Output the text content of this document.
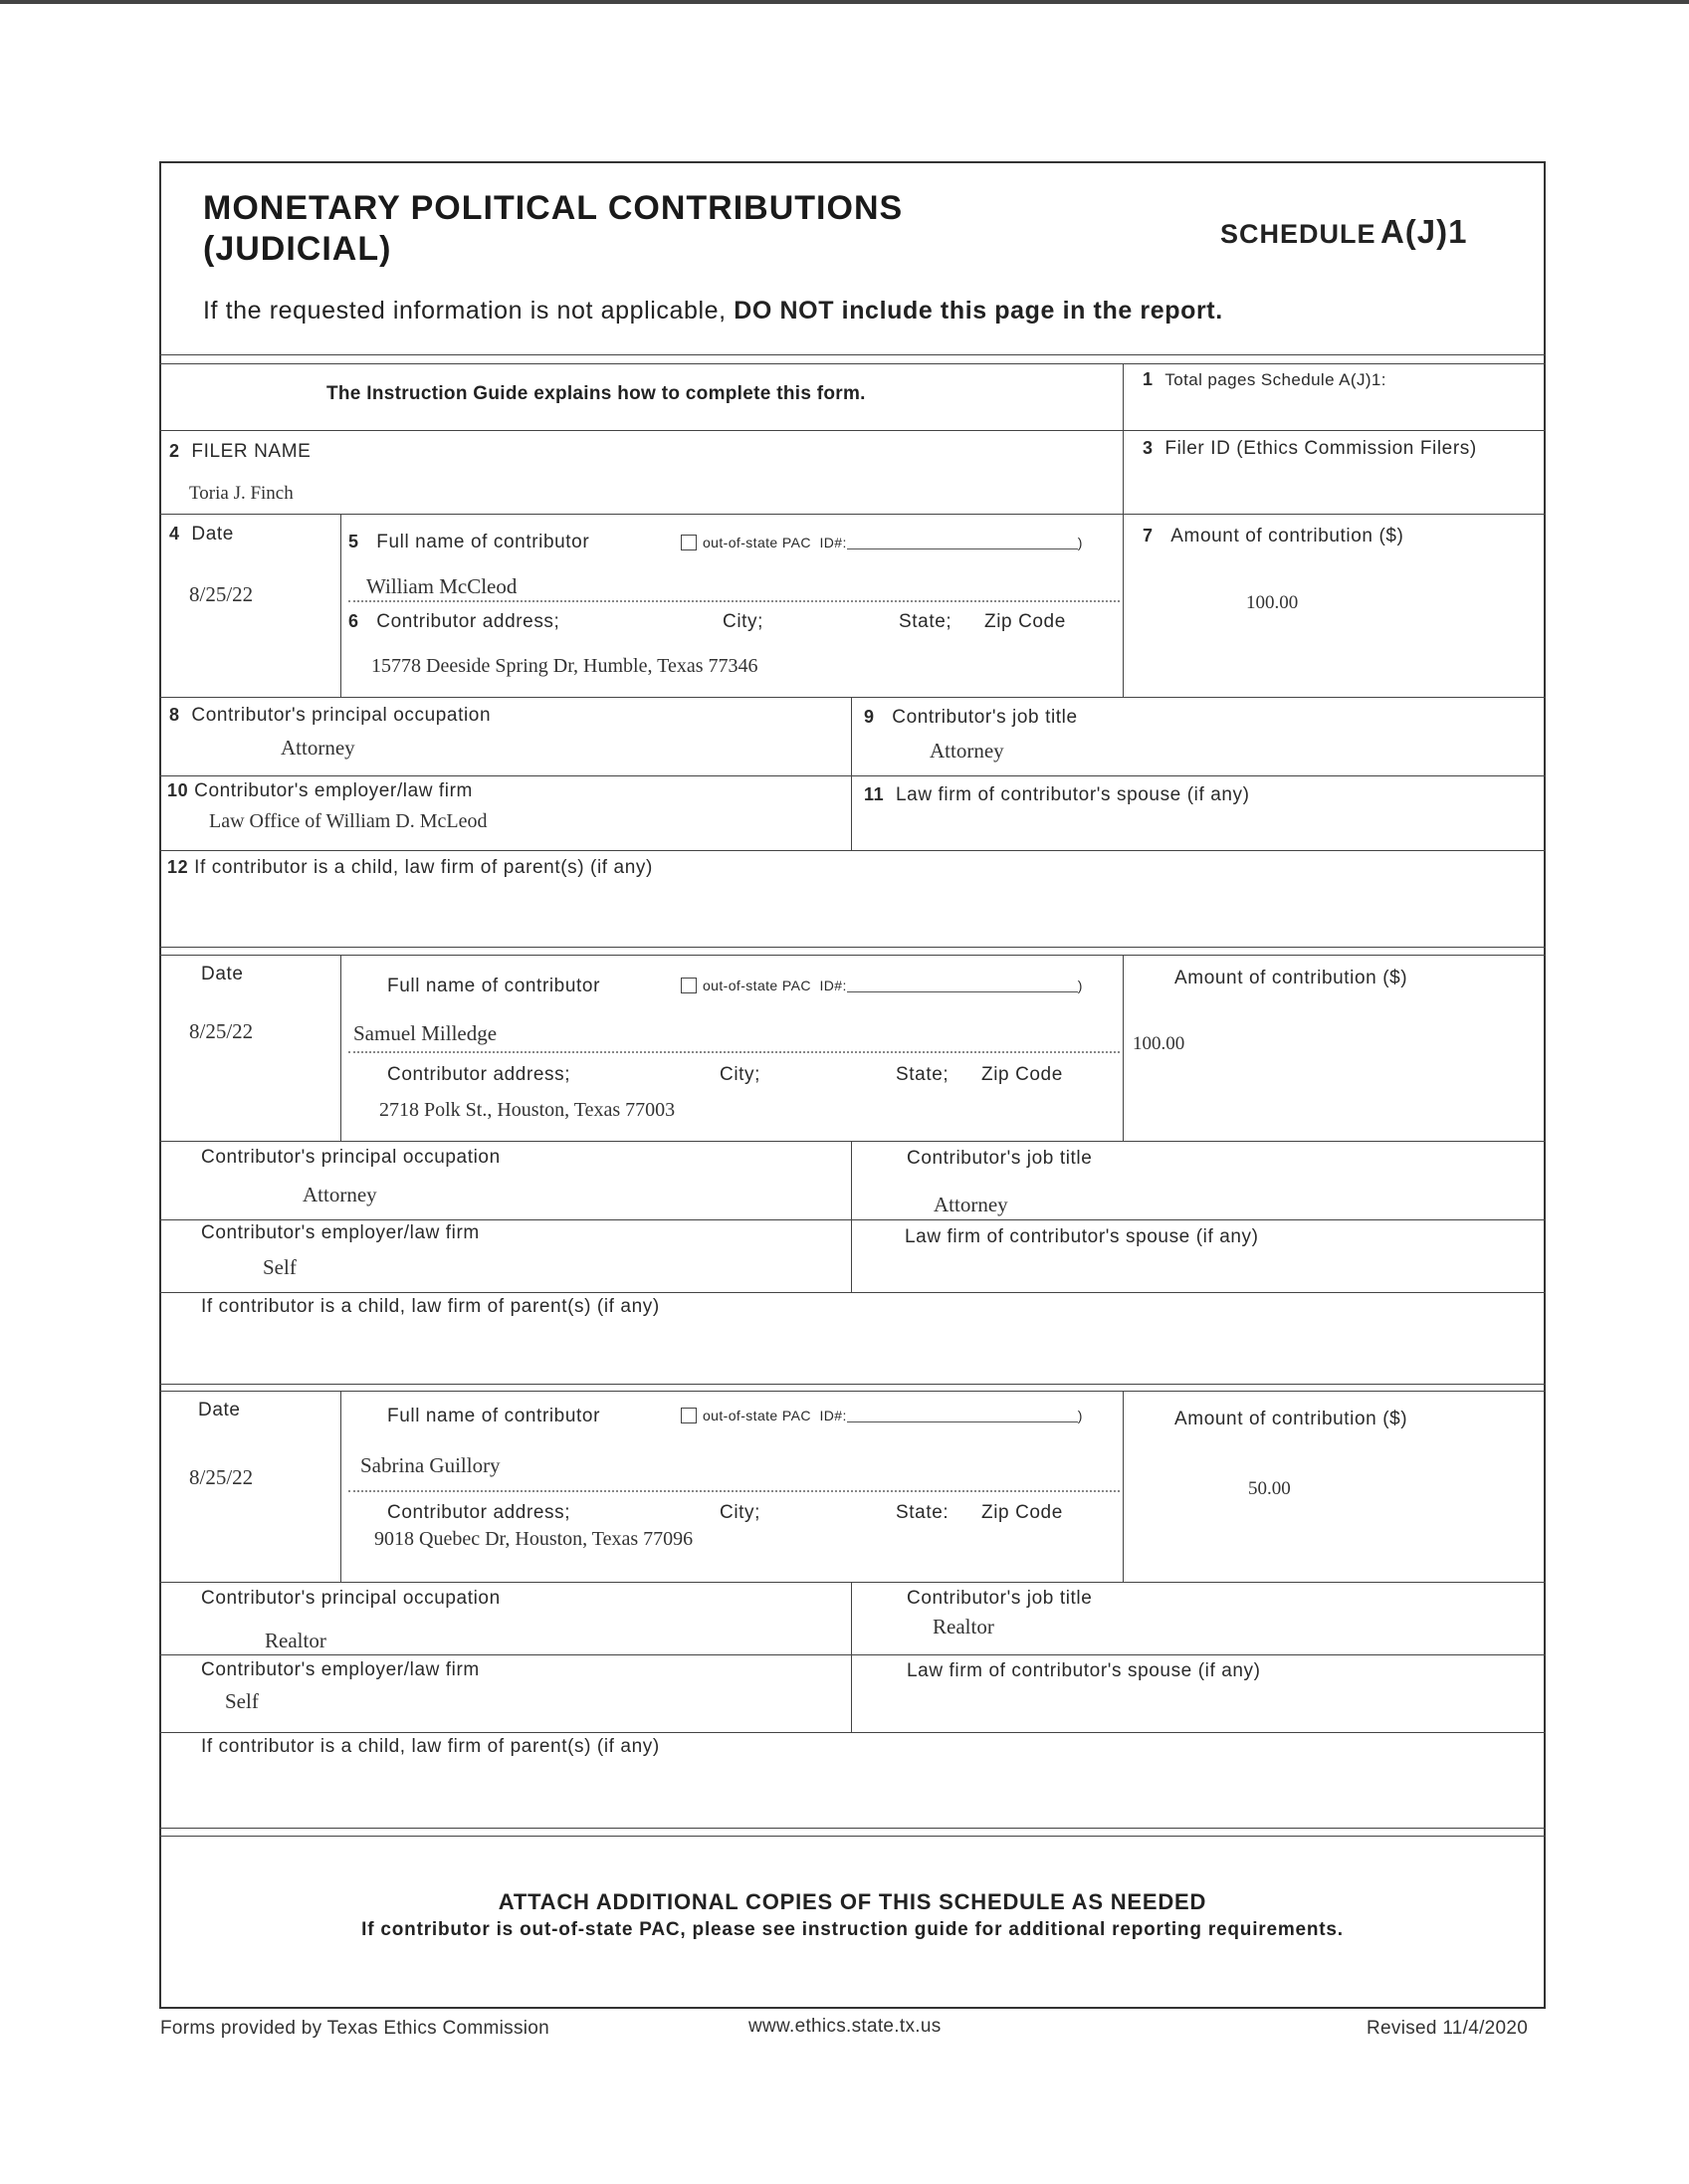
MONETARY POLITICAL CONTRIBUTIONS
(JUDICIAL)	SCHEDULE A(J)1
If the requested information is not applicable, DO NOT include this page in the report.
The Instruction Guide explains how to complete this form.
1 Total pages Schedule A(J)1:
2 FILER NAME
Toria J. Finch
3 Filer ID (Ethics Commission Filers)
4 Date
8/25/22
5 Full name of contributor	out-of-state PAC ID#:	)
William McCleod
6 Contributor address;	City;	State; Zip Code
15778 Deeside Spring Dr, Humble, Texas 77346
7 Amount of contribution ($)
100.00
8 Contributor's principal occupation
Attorney
9 Contributor's job title
Attorney
10 Contributor's employer/law firm
Law Office of William D. McLeod
11 Law firm of contributor's spouse (if any)
12 If contributor is a child, law firm of parent(s) (if any)
Date
8/25/22
Full name of contributor	out-of-state PAC ID#:	)
Samuel Milledge
Contributor address;	City;	State; Zip Code
2718 Polk St., Houston, Texas 77003
Amount of contribution ($)
100.00
Contributor's principal occupation
Attorney
Contributor's job title
Attorney
Contributor's employer/law firm
Self
Law firm of contributor's spouse (if any)
If contributor is a child, law firm of parent(s) (if any)
Date
8/25/22
Full name of contributor	out-of-state PAC ID#:	)
Sabrina Guillory
Contributor address;	City;	State: Zip Code
9018 Quebec Dr, Houston, Texas 77096
Amount of contribution ($)
50.00
Contributor's principal occupation
Realtor
Contributor's job title
Realtor
Contributor's employer/law firm
Self
Law firm of contributor's spouse (if any)
If contributor is a child, law firm of parent(s) (if any)
ATTACH ADDITIONAL COPIES OF THIS SCHEDULE AS NEEDED
If contributor is out-of-state PAC, please see instruction guide for additional reporting requirements.
Forms provided by Texas Ethics Commission	www.ethics.state.tx.us	Revised 11/4/2020
